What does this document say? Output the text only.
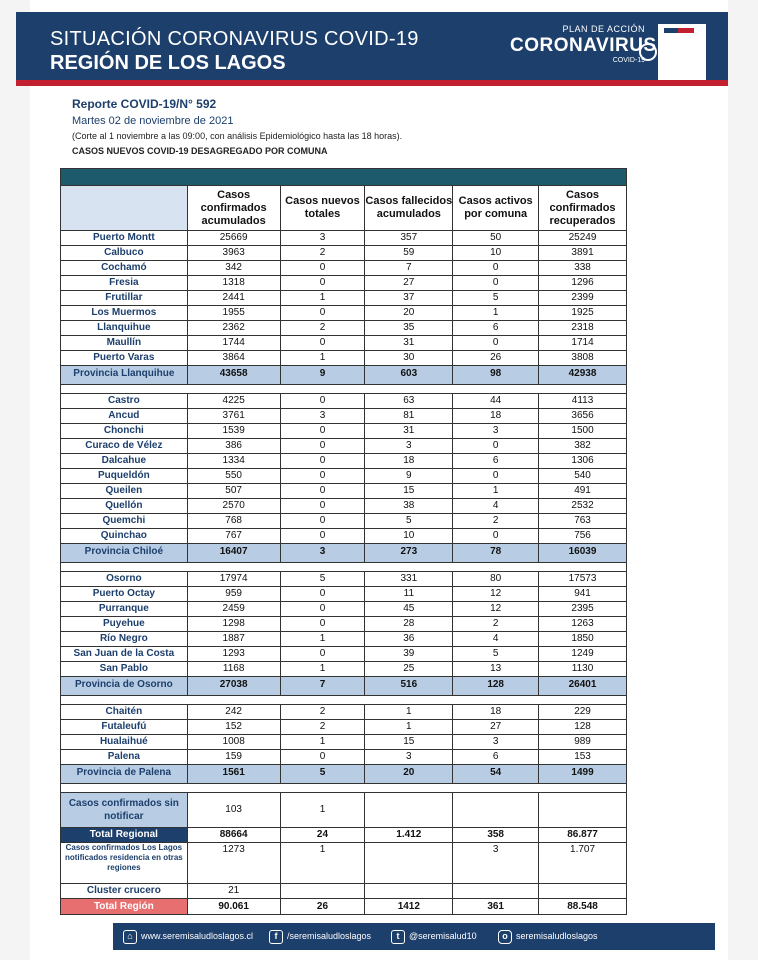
SITUACIÓN CORONAVIRUS COVID-19
REGIÓN DE LOS LAGOS
PLAN DE ACCIÓN
CORONAVIRUS
COVID-19
Reporte COVID-19/N° 592
Martes 02 de noviembre de 2021
(Corte al 1 noviembre a las 09:00, con análisis Epidemiológico hasta las 18 horas).
CASOS NUEVOS COVID-19 DESAGREGADO POR COMUNA

	Casos confirmados acumulados	Casos nuevos totales	Casos fallecidos acumulados	Casos activos por comuna	Casos confirmados recuperados
Puerto Montt	25669	3	357	50	25249
Calbuco	3963	2	59	10	3891
Cochamó	342	0	7	0	338
Fresia	1318	0	27	0	1296
Frutillar	2441	1	37	5	2399
Los Muermos	1955	0	20	1	1925
Llanquihue	2362	2	35	6	2318
Maullín	1744	0	31	0	1714
Puerto Varas	3864	1	30	26	3808
Provincia Llanquihue	43658	9	603	98	42938

Castro	4225	0	63	44	4113
Ancud	3761	3	81	18	3656
Chonchi	1539	0	31	3	1500
Curaco de Vélez	386	0	3	0	382
Dalcahue	1334	0	18	6	1306
Puqueldón	550	0	9	0	540
Queilen	507	0	15	1	491
Quellón	2570	0	38	4	2532
Quemchi	768	0	5	2	763
Quinchao	767	0	10	0	756
Provincia Chiloé	16407	3	273	78	16039

Osorno	17974	5	331	80	17573
Puerto Octay	959	0	11	12	941
Purranque	2459	0	45	12	2395
Puyehue	1298	0	28	2	1263
Río Negro	1887	1	36	4	1850
San Juan de la Costa	1293	0	39	5	1249
San Pablo	1168	1	25	13	1130
Provincia de Osorno	27038	7	516	128	26401

Chaitén	242	2	1	18	229
Futaleufú	152	2	1	27	128
Hualaihué	1008	1	15	3	989
Palena	159	0	3	6	153
Provincia de Palena	1561	5	20	54	1499

Casos confirmados sin notificar	103	1			
Total Regional	88664	24	1.412	358	86.877
Casos confirmados Los Lagos notificados residencia en otras regiones	1273	1		3	1.707
Cluster crucero	21				
Total Región	90.061	26	1412	361	88.548
⌂ www.seremisaludloslagos.cl	f /seremisaludloslagos	t @seremisalud10	o seremisaludloslagos
